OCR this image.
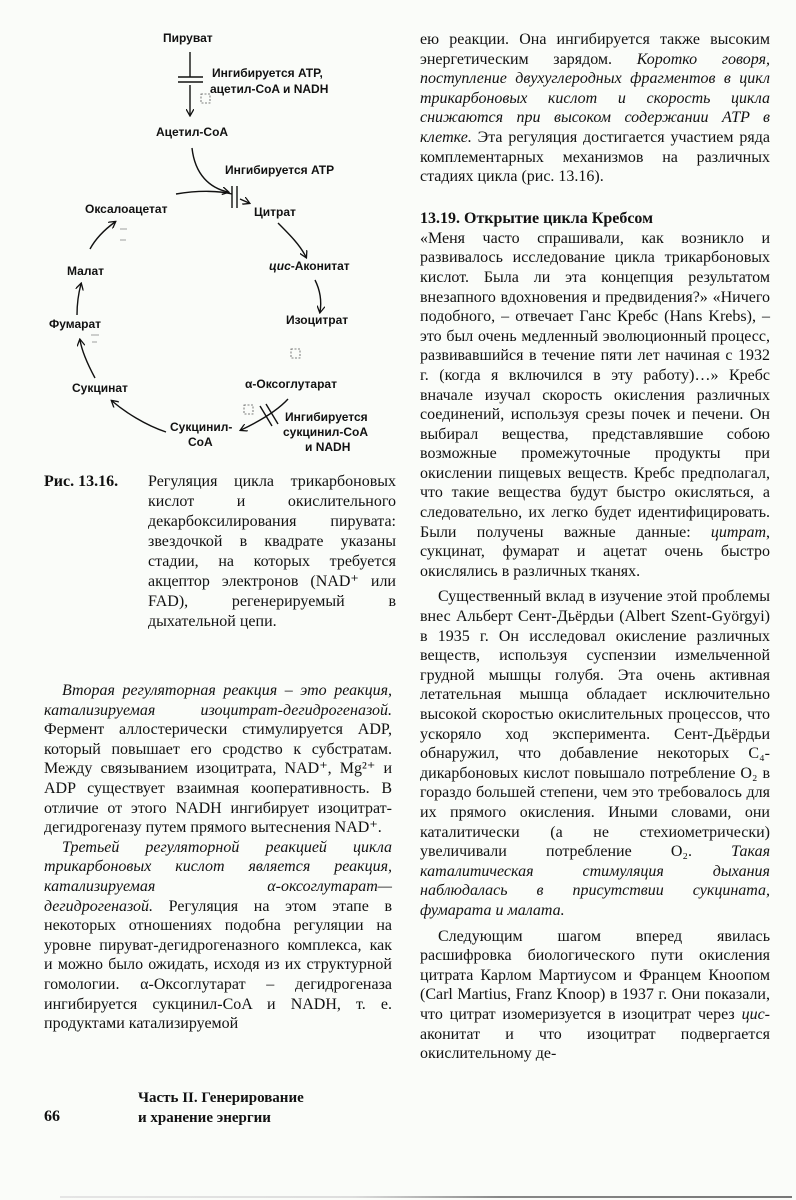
Пируват
Ингибируется ATP,
ацетил-CoA и NADH
Ацетил-CoA
Ингибируется ATP
Оксалоацетат	Цитрат
цис-Аконитат
Малат
Изоцитрат
Фумарат
α-Оксоглутарат
Сукцинат
Ингибируется
сукцинил-CoA
и NADH
Сукцинил-
CoA
Рис. 13.16. Регуляция цикла трикарбоновых кислот и окислительного декарбоксилирования пирувата: звездочкой в квадрате указаны стадии, на которых требуется акцептор электронов (NAD⁺ или FAD), регенерируемый в дыхательной цепи.

Вторая регуляторная реакция – это реакция, катализируемая изоцитрат-дегидрогеназой. Фермент аллостерически стимулируется ADP, который повышает его сродство к субстратам. Между связыванием изоцитрата, NAD⁺, Mg²⁺ и ADP существует взаимная кооперативность. В отличие от этого NADH ингибирует изоцитрат-дегидрогеназу путем прямого вытеснения NAD⁺.

Третьей регуляторной реакцией цикла трикарбоновых кислот является реакция, катализируемая α-оксоглутарат—дегидрогеназой. Регуляция на этом этапе в некоторых отношениях подобна регуляции на уровне пируват-дегидрогеназного комплекса, как и можно было ожидать, исходя из их структурной гомологии. α-Оксоглутарат – дегидрогеназа ингибируется сукцинил-CoA и NADH, т. е. продуктами катализируемой

ею реакции. Она ингибируется также высоким энергетическим зарядом. Коротко говоря, поступление двухуглеродных фрагментов в цикл трикарбоновых кислот и скорость цикла снижаются при высоком содержании ATP в клетке. Эта регуляция достигается участием ряда комплементарных механизмов на различных стадиях цикла (рис. 13.16).

13.19. Открытие цикла Кребсом

«Меня часто спрашивали, как возникло и развивалось исследование цикла трикарбоновых кислот. Была ли эта концепция результатом внезапного вдохновения и предвидения?» «Ничего подобного, – отвечает Ганс Кребс (Hans Krebs), – это был очень медленный эволюционный процесс, развивавшийся в течение пяти лет начиная с 1932 г. (когда я включился в эту работу)…» Кребс вначале изучал скорость окисления различных соединений, используя срезы почек и печени. Он выбирал вещества, представлявшие собою возможные промежуточные продукты при окислении пищевых веществ. Кребс предполагал, что такие вещества будут быстро окисляться, а следовательно, их легко будет идентифицировать. Были получены важные данные: цитрат, сукцинат, фумарат и ацетат очень быстро окислялись в различных тканях.

Существенный вклад в изучение этой проблемы внес Альберт Сент-Дьёрдьи (Albert Szent-Györgyi) в 1935 г. Он исследовал окисление различных веществ, используя суспензии измельченной грудной мышцы голубя. Эта очень активная летательная мышца обладает исключительно высокой скоростью окислительных процессов, что ускоряло ход эксперимента. Сент-Дьёрдьи обнаружил, что добавление некоторых C₄-дикарбоновых кислот повышало потребление O₂ в гораздо большей степени, чем это требовалось для их прямого окисления. Иными словами, они каталитически (а не стехиометрически) увеличивали потребление O₂. Такая каталитическая стимуляция дыхания наблюдалась в присутствии сукцината, фумарата и малата.

Следующим шагом вперед явилась расшифровка биологического пути окисления цитрата Карлом Мартиусом и Францем Кноопом (Carl Martius, Franz Knoop) в 1937 г. Они показали, что цитрат изомеризуется в изоцитрат через цис-аконитат и что изоцитрат подвергается окислительному де-

66
Часть II. Генерирование
и хранение энергии
